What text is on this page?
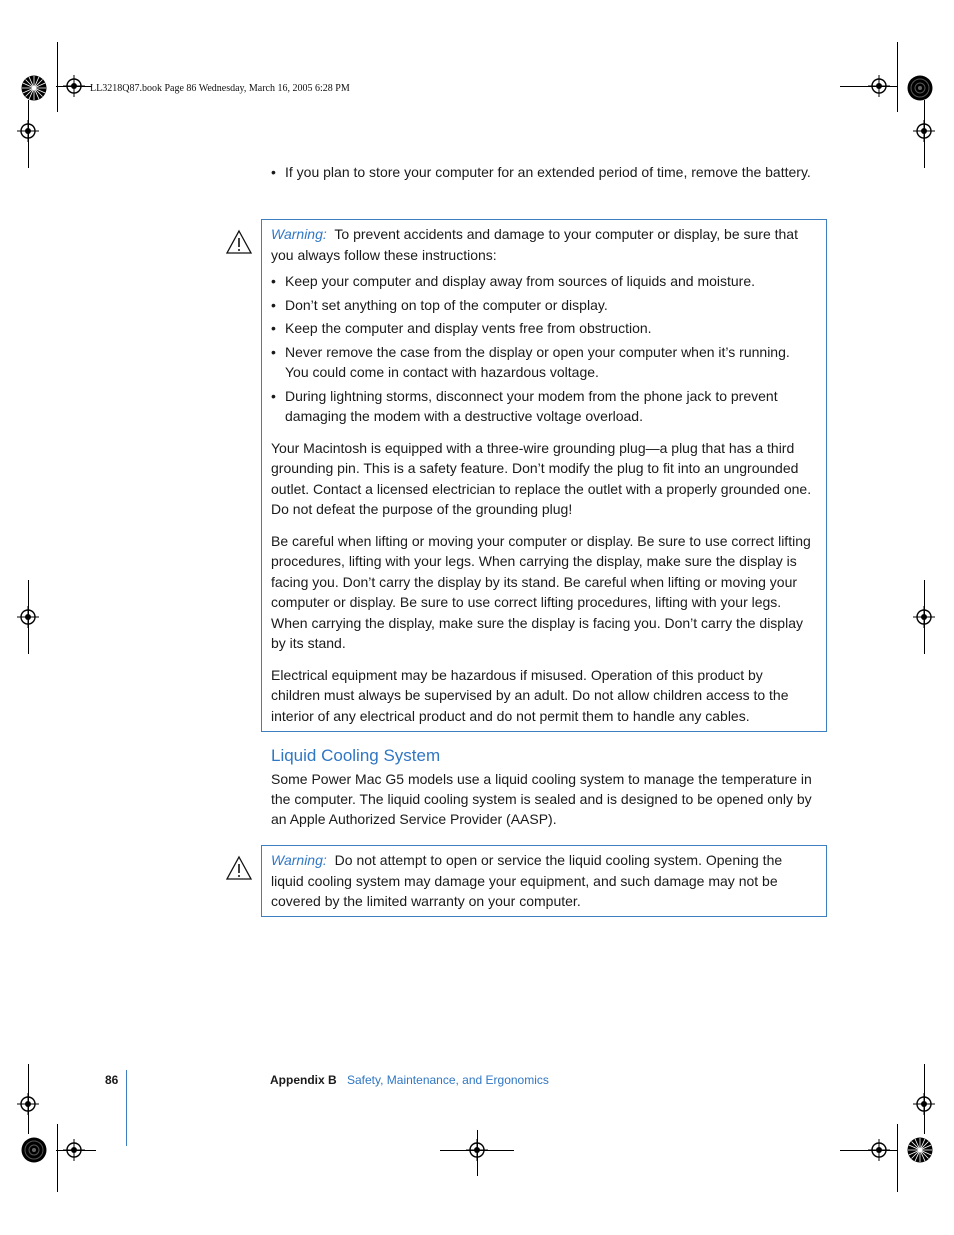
LL3218Q87.book Page 86 Wednesday, March 16, 2005 6:28 PM
• If you plan to store your computer for an extended period of time, remove the battery.

Warning: To prevent accidents and damage to your computer or display, be sure that you always follow these instructions:

• Keep your computer and display away from sources of liquids and moisture.
• Don’t set anything on top of the computer or display.
• Keep the computer and display vents free from obstruction.
• Never remove the case from the display or open your computer when it’s running. You could come in contact with hazardous voltage.
• During lightning storms, disconnect your modem from the phone jack to prevent damaging the modem with a destructive voltage overload.

Your Macintosh is equipped with a three-wire grounding plug—a plug that has a third grounding pin. This is a safety feature. Don’t modify the plug to fit into an ungrounded outlet. Contact a licensed electrician to replace the outlet with a properly grounded one. Do not defeat the purpose of the grounding plug!

Be careful when lifting or moving your computer or display. Be sure to use correct lifting procedures, lifting with your legs. When carrying the display, make sure the display is facing you. Don’t carry the display by its stand. Be careful when lifting or moving your computer or display. Be sure to use correct lifting procedures, lifting with your legs. When carrying the display, make sure the display is facing you. Don’t carry the display by its stand.

Electrical equipment may be hazardous if misused. Operation of this product by children must always be supervised by an adult. Do not allow children access to the interior of any electrical product and do not permit them to handle any cables.

Liquid Cooling System
Some Power Mac G5 models use a liquid cooling system to manage the temperature in the computer. The liquid cooling system is sealed and is designed to be opened only by an Apple Authorized Service Provider (AASP).

Warning: Do not attempt to open or service the liquid cooling system. Opening the liquid cooling system may damage your equipment, and such damage may not be covered by the limited warranty on your computer.

86	Appendix B Safety, Maintenance, and Ergonomics
